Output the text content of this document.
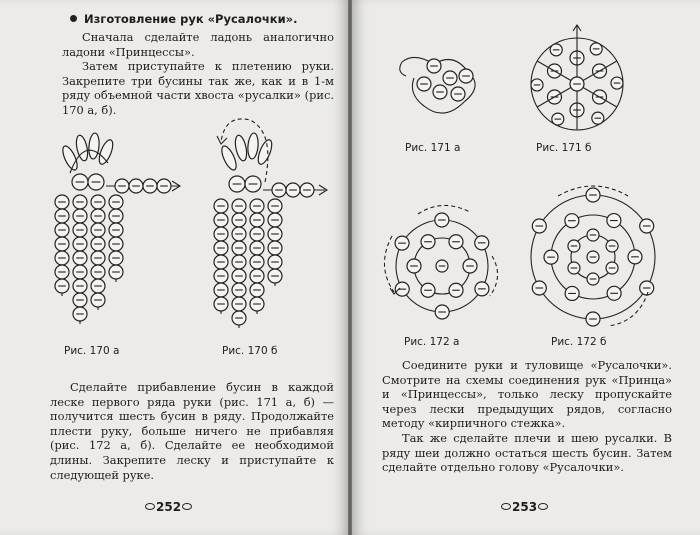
Изготовление рук «Русалочки».

Сначала сделайте ладонь аналогично ладони «Принцессы».

Затем приступайте к плетению руки. Закрепите три бусины так же, как и в 1-м ряду объемной части хвоста «русалки» (рис. 170 а, б).

Рис. 170 а	Рис. 170 б

Сделайте прибавление бусин в каждой леске первого ряда руки (рис. 171 а, б) — получится шесть бусин в ряду. Продолжайте плести руку, больше ничего не прибавляя (рис. 172 а, б). Сделайте ее необходимой длины. Закрепите леску и приступайте к следующей руке.

252
Рис. 171 а	Рис. 171 б
Рис. 172 а	Рис. 172 б

Соедините руки и туловище «Русалочки». Смотрите на схемы соединения рук «Принца» и «Принцессы», только леску пропускайте через лески предыдущих рядов, согласно методу «кирпичного стежка».

Так же сделайте плечи и шею русалки. В ряду шеи должно остаться шесть бусин. Затем сделайте отдельно голову «Русалочки».

253
